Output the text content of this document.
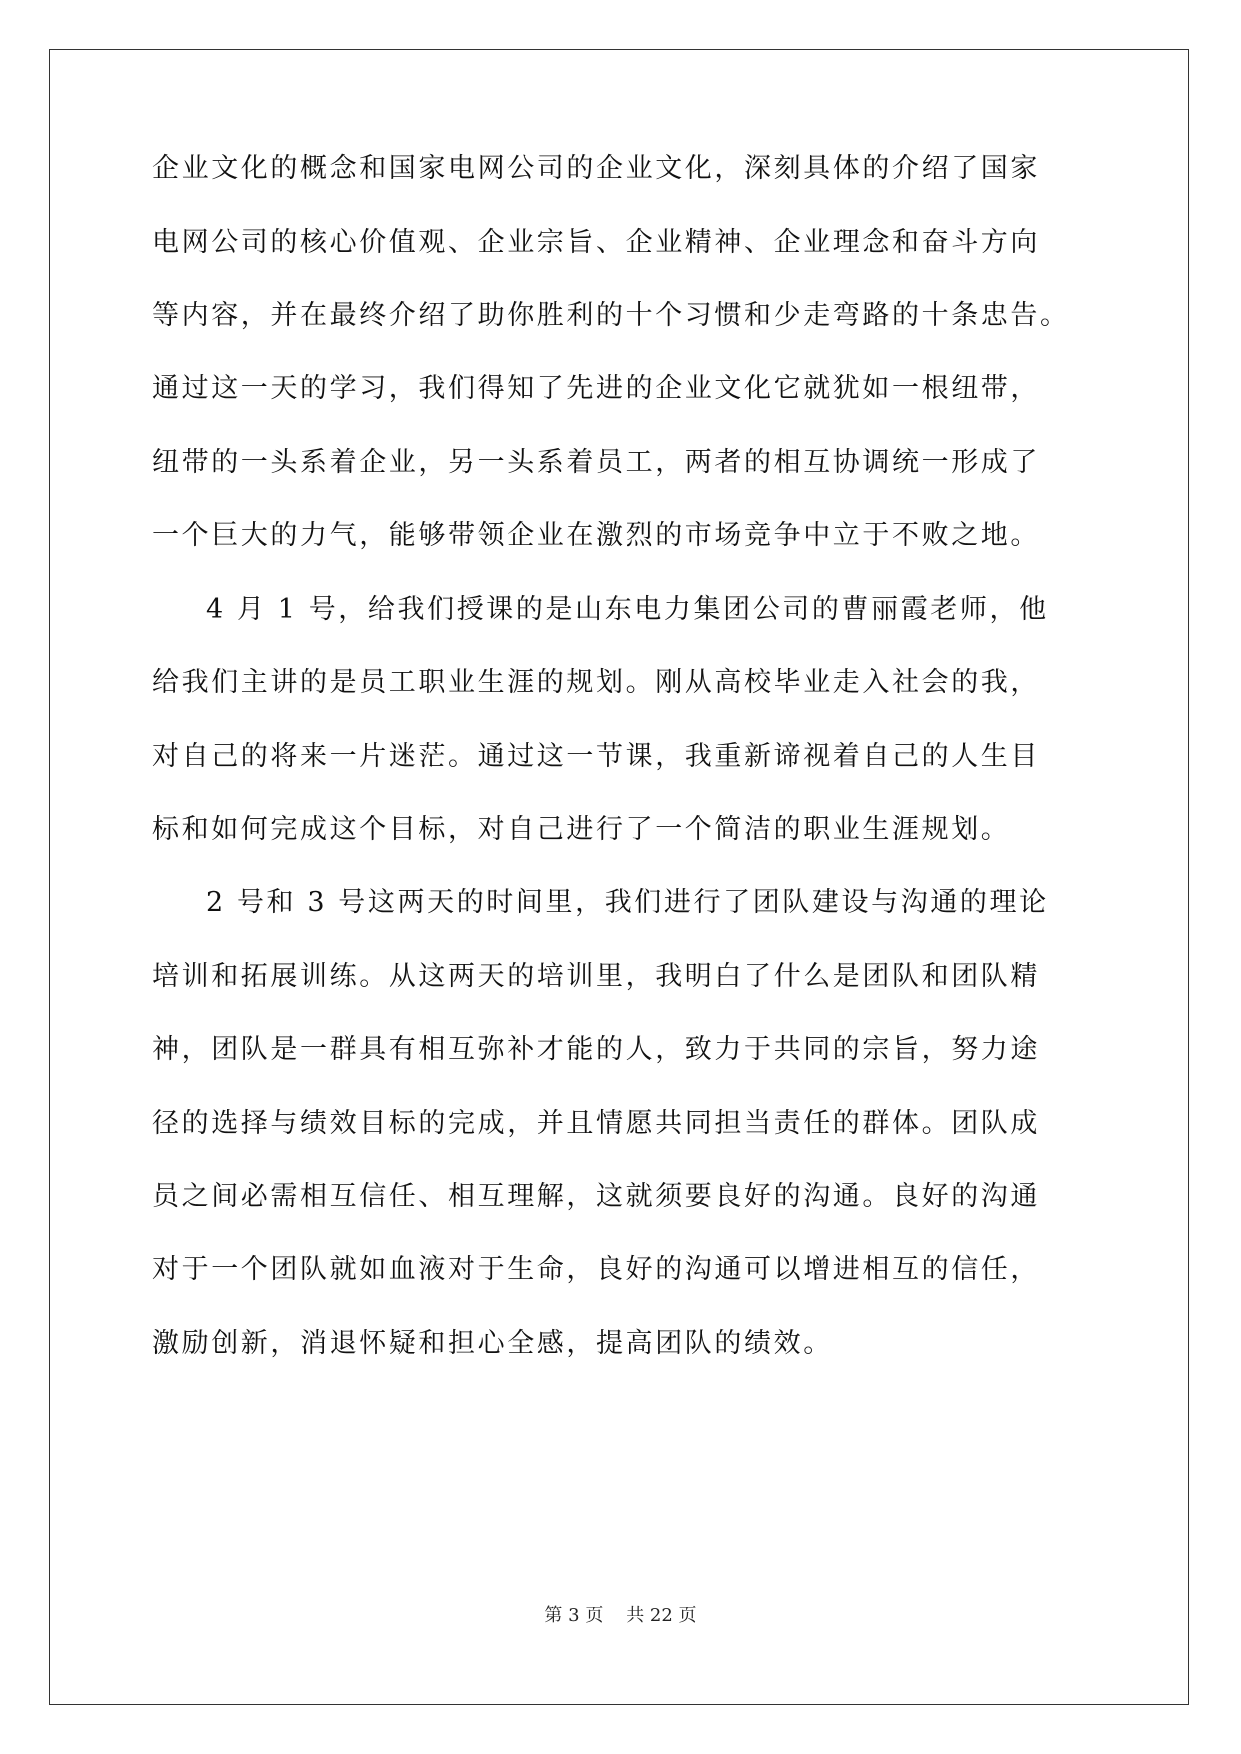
企业文化的概念和国家电网公司的企业文化，深刻具体的介绍了国家
电网公司的核心价值观、企业宗旨、企业精神、企业理念和奋斗方向
等内容，并在最终介绍了助你胜利的十个习惯和少走弯路的十条忠告。
通过这一天的学习，我们得知了先进的企业文化它就犹如一根纽带，
纽带的一头系着企业，另一头系着员工，两者的相互协调统一形成了
一个巨大的力气，能够带领企业在激烈的市场竞争中立于不败之地。
4 月 1 号，给我们授课的是山东电力集团公司的曹丽霞老师，他
给我们主讲的是员工职业生涯的规划。刚从高校毕业走入社会的我，
对自己的将来一片迷茫。通过这一节课，我重新谛视着自己的人生目
标和如何完成这个目标，对自己进行了一个简洁的职业生涯规划。
2 号和 3 号这两天的时间里，我们进行了团队建设与沟通的理论
培训和拓展训练。从这两天的培训里，我明白了什么是团队和团队精
神，团队是一群具有相互弥补才能的人，致力于共同的宗旨，努力途
径的选择与绩效目标的完成，并且情愿共同担当责任的群体。团队成
员之间必需相互信任、相互理解，这就须要良好的沟通。良好的沟通
对于一个团队就如血液对于生命，良好的沟通可以增进相互的信任，
激励创新，消退怀疑和担心全感，提高团队的绩效。
第 3 页    共 22 页
